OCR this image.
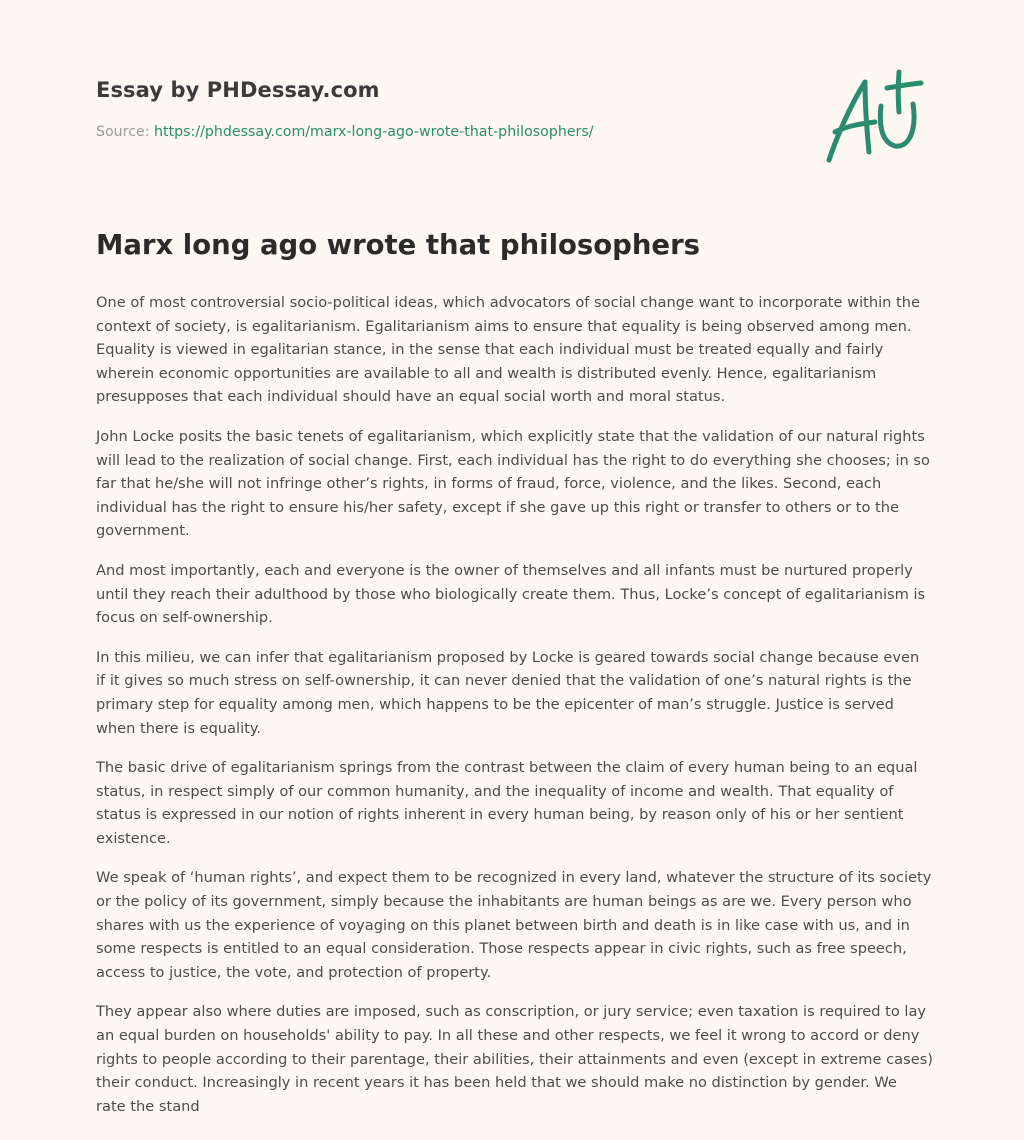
Essay by PHDessay.com
Source: https://phdessay.com/marx-long-ago-wrote-that-philosophers/
Marx long ago wrote that philosophers

One of most controversial socio-political ideas, which advocators of social change want to incorporate within the
context of society, is egalitarianism. Egalitarianism aims to ensure that equality is being observed among men.
Equality is viewed in egalitarian stance, in the sense that each individual must be treated equally and fairly
wherein economic opportunities are available to all and wealth is distributed evenly. Hence, egalitarianism
presupposes that each individual should have an equal social worth and moral status.

John Locke posits the basic tenets of egalitarianism, which explicitly state that the validation of our natural rights
will lead to the realization of social change. First, each individual has the right to do everything she chooses; in so
far that he/she will not infringe other’s rights, in forms of fraud, force, violence, and the likes. Second, each
individual has the right to ensure his/her safety, except if she gave up this right or transfer to others or to the
government.

And most importantly, each and everyone is the owner of themselves and all infants must be nurtured properly
until they reach their adulthood by those who biologically create them. Thus, Locke’s concept of egalitarianism is
focus on self-ownership.

In this milieu, we can infer that egalitarianism proposed by Locke is geared towards social change because even
if it gives so much stress on self-ownership, it can never denied that the validation of one’s natural rights is the
primary step for equality among men, which happens to be the epicenter of man’s struggle. Justice is served
when there is equality.

The basic drive of egalitarianism springs from the contrast between the claim of every human being to an equal
status, in respect simply of our common humanity, and the inequality of income and wealth. That equality of
status is expressed in our notion of rights inherent in every human being, by reason only of his or her sentient
existence.

We speak of ‘human rights’, and expect them to be recognized in every land, whatever the structure of its society
or the policy of its government, simply because the inhabitants are human beings as are we. Every person who
shares with us the experience of voyaging on this planet between birth and death is in like case with us, and in
some respects is entitled to an equal consideration. Those respects appear in civic rights, such as free speech,
access to justice, the vote, and protection of property.

They appear also where duties are imposed, such as conscription, or jury service; even taxation is required to lay
an equal burden on households' ability to pay. In all these and other respects, we feel it wrong to accord or deny
rights to people according to their parentage, their abilities, their attainments and even (except in extreme cases)
their conduct. Increasingly in recent years it has been held that we should make no distinction by gender. We
rate the stand
